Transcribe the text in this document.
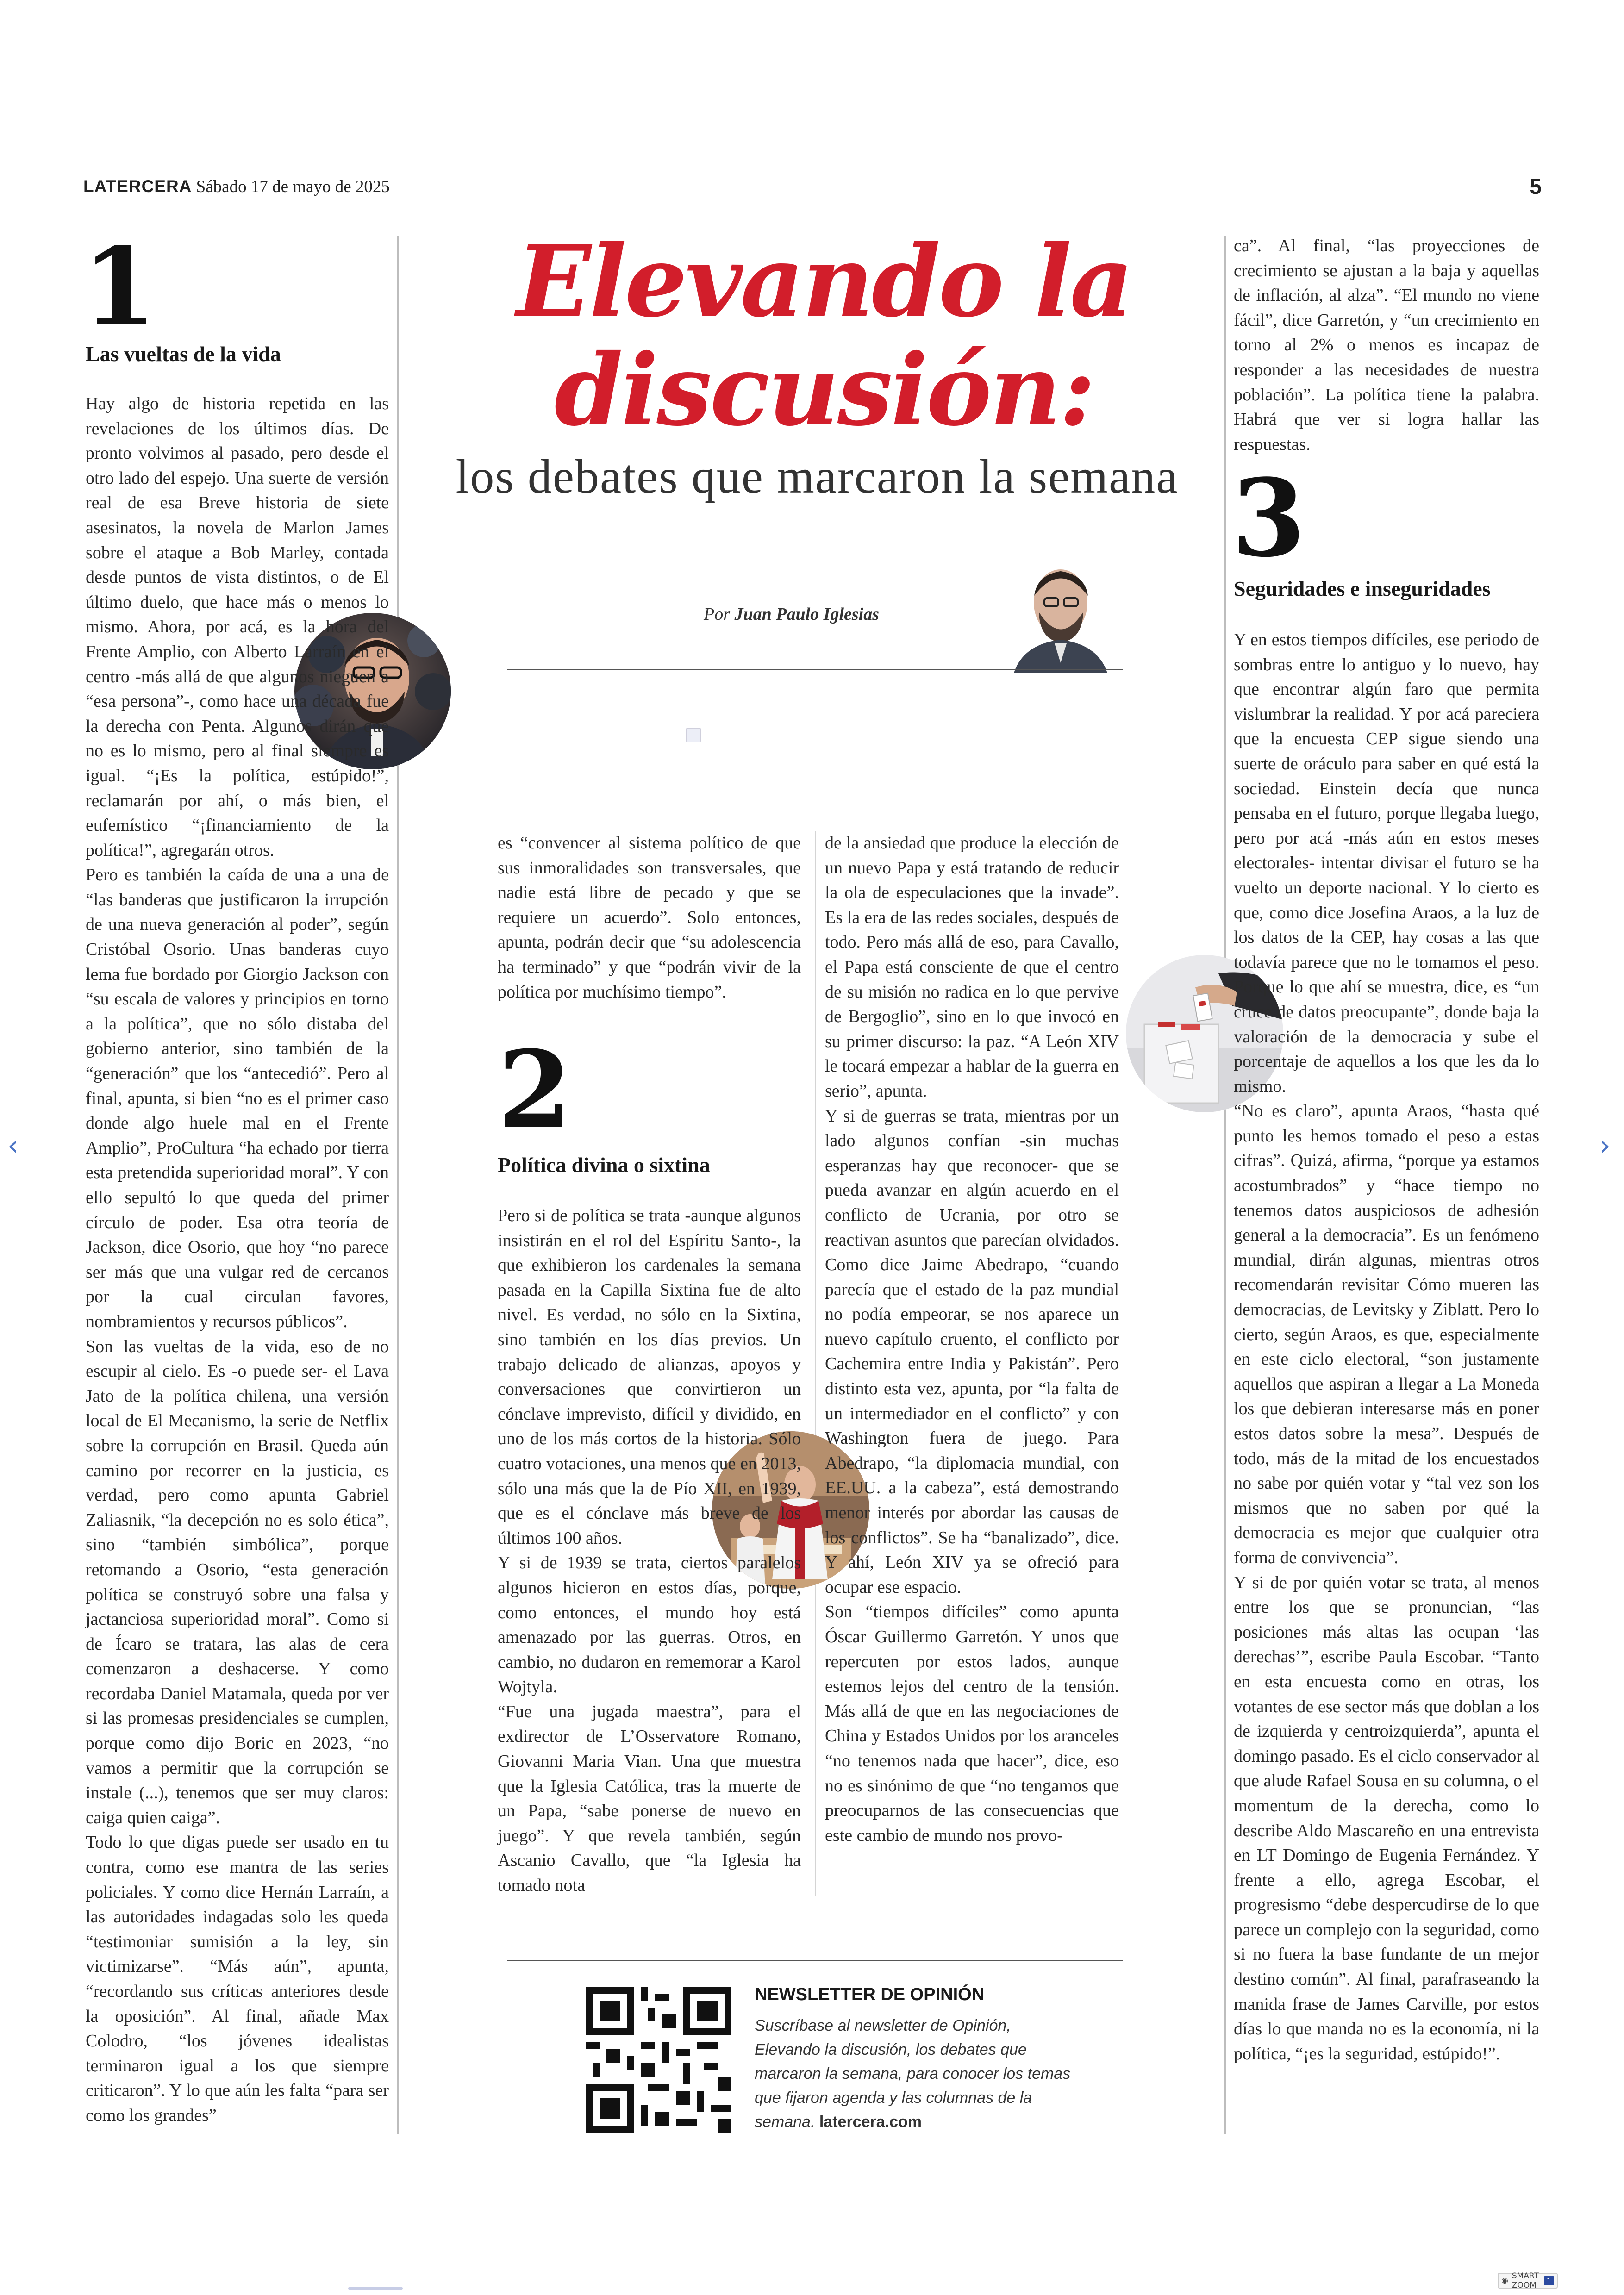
LATERCERA Sábado 17 de mayo de 2025	5
1
Las vueltas de la vida

Hay algo de historia repetida en las revelaciones de los últimos días. De pronto volvimos al pasado, pero desde el otro lado del espejo. Una suerte de versión real de esa Breve historia de siete asesinatos, la novela de Marlon James sobre el ataque a Bob Marley, contada desde puntos de vista distintos, o de El último duelo, que hace más o menos lo mismo. Ahora, por acá, es la hora del Frente Amplio, con Alberto Larraín en el centro -más allá de que algunos nieguen a “esa persona”-, como hace una década fue la derecha con Penta. Algunos dirán que no es lo mismo, pero al final siempre es igual. “¡Es la política, estúpido!”, reclamarán por ahí, o más bien, el eufemístico “¡financiamiento de la política!”, agregarán otros.

Pero es también la caída de una a una de “las banderas que justificaron la irrupción de una nueva generación al poder”, según Cristóbal Osorio. Unas banderas cuyo lema fue bordado por Giorgio Jackson con “su escala de valores y principios en torno a la política”, que no sólo distaba del gobierno anterior, sino también de la “generación” que los “antecedió”. Pero al final, apunta, si bien “no es el primer caso donde algo huele mal en el Frente Amplio”, ProCultura “ha echado por tierra esta pretendida superioridad moral”. Y con ello sepultó lo que queda del primer círculo de poder. Esa otra teoría de Jackson, dice Osorio, que hoy “no parece ser más que una vulgar red de cercanos por la cual circulan favores, nombramientos y recursos públicos”.

Son las vueltas de la vida, eso de no escupir al cielo. Es -o puede ser- el Lava Jato de la política chilena, una versión local de El Mecanismo, la serie de Netflix sobre la corrupción en Brasil. Queda aún camino por recorrer en la justicia, es verdad, pero como apunta Gabriel Zaliasnik, “la decepción no es solo ética”, sino “también simbólica”, porque retomando a Osorio, “esta generación política se construyó sobre una falsa y jactanciosa superioridad moral”. Como si de Ícaro se tratara, las alas de cera comenzaron a deshacerse. Y como recordaba Daniel Matamala, queda por ver si las promesas presidenciales se cumplen, porque como dijo Boric en 2023, “no vamos a permitir que la corrupción se instale (...), tenemos que ser muy claros: caiga quien caiga”.

Todo lo que digas puede ser usado en tu contra, como ese mantra de las series policiales. Y como dice Hernán Larraín, a las autoridades indagadas solo les queda “testimoniar sumisión a la ley, sin victimizarse”. “Más aún”, apunta, “recordando sus críticas anteriores desde la oposición”. Al final, añade Max Colodro, “los jóvenes idealistas terminaron igual a los que siempre criticaron”. Y lo que aún les falta “para ser como los grandes”

Elevando la
discusión:
los debates que marcaron la semana
Por Juan Paulo Iglesias

es “convencer al sistema político de que sus inmoralidades son transversales, que nadie está libre de pecado y que se requiere un acuerdo”. Solo entonces, apunta, podrán decir que “su adolescencia ha terminado” y que “podrán vivir de la política por muchísimo tiempo”.

2
Política divina o sixtina

Pero si de política se trata -aunque algunos insistirán en el rol del Espíritu Santo-, la que exhibieron los cardenales la semana pasada en la Capilla Sixtina fue de alto nivel. Es verdad, no sólo en la Sixtina, sino también en los días previos. Un trabajo delicado de alianzas, apoyos y conversaciones que convirtieron un cónclave imprevisto, difícil y dividido, en uno de los más cortos de la historia. Sólo cuatro votaciones, una menos que en 2013, sólo una más que la de Pío XII, en 1939, que es el cónclave más breve de los últimos 100 años.

Y si de 1939 se trata, ciertos paralelos algunos hicieron en estos días, porque, como entonces, el mundo hoy está amenazado por las guerras. Otros, en cambio, no dudaron en rememorar a Karol Wojtyla.

“Fue una jugada maestra”, para el exdirector de L’Osservatore Romano, Giovanni Maria Vian. Una que muestra que la Iglesia Católica, tras la muerte de un Papa, “sabe ponerse de nuevo en juego”. Y que revela también, según Ascanio Cavallo, que “la Iglesia ha tomado nota

de la ansiedad que produce la elección de un nuevo Papa y está tratando de reducir la ola de especulaciones que la invade”. Es la era de las redes sociales, después de todo. Pero más allá de eso, para Cavallo, el Papa está consciente de que el centro de su misión no radica en lo que pervive de Bergoglio”, sino en lo que invocó en su primer discurso: la paz. “A León XIV le tocará empezar a hablar de la guerra en serio”, apunta.

Y si de guerras se trata, mientras por un lado algunos confían -sin muchas esperanzas hay que reconocer- que se pueda avanzar en algún acuerdo en el conflicto de Ucrania, por otro se reactivan asuntos que parecían olvidados. Como dice Jaime Abedrapo, “cuando parecía que el estado de la paz mundial no podía empeorar, se nos aparece un nuevo capítulo cruento, el conflicto por Cachemira entre India y Pakistán”. Pero distinto esta vez, apunta, por “la falta de un intermediador en el conflicto” y con Washington fuera de juego. Para Abedrapo, “la diplomacia mundial, con EE.UU. a la cabeza”, está demostrando menor interés por abordar las causas de los conflictos”. Se ha “banalizado”, dice. Y ahí, León XIV ya se ofreció para ocupar ese espacio.

Son “tiempos difíciles” como apunta Óscar Guillermo Garretón. Y unos que repercuten por estos lados, aunque estemos lejos del centro de la tensión. Más allá de que en las negociaciones de China y Estados Unidos por los aranceles “no tenemos nada que hacer”, dice, eso no es sinónimo de que “no tengamos que preocuparnos de las consecuencias que este cambio de mundo nos provo-

NEWSLETTER DE OPINIÓN
Suscríbase al newsletter de Opinión, Elevando la discusión, los debates que marcaron la semana, para conocer los temas que fijaron agenda y las columnas de la semana. latercera.com

ca”. Al final, “las proyecciones de crecimiento se ajustan a la baja y aquellas de inflación, al alza”. “El mundo no viene fácil”, dice Garretón, y “un crecimiento en torno al 2% o menos es incapaz de responder a las necesidades de nuestra población”. La política tiene la palabra. Habrá que ver si logra hallar las respuestas.

3
Seguridades e inseguridades

Y en estos tiempos difíciles, ese periodo de sombras entre lo antiguo y lo nuevo, hay que encontrar algún faro que permita vislumbrar la realidad. Y por acá pareciera que la encuesta CEP sigue siendo una suerte de oráculo para saber en qué está la sociedad. Einstein decía que nunca pensaba en el futuro, porque llegaba luego, pero por acá -más aún en estos meses electorales- intentar divisar el futuro se ha vuelto un deporte nacional. Y lo cierto es que, como dice Josefina Araos, a la luz de los datos de la CEP, hay cosas a las que todavía parece que no le tomamos el peso. Porque lo que ahí se muestra, dice, es “un cruce de datos preocupante”, donde baja la valoración de la democracia y sube el porcentaje de aquellos a los que les da lo mismo.

“No es claro”, apunta Araos, “hasta qué punto les hemos tomado el peso a estas cifras”. Quizá, afirma, “porque ya estamos acostumbrados” y “hace tiempo no tenemos datos auspiciosos de adhesión general a la democracia”. Es un fenómeno mundial, dirán algunas, mientras otros recomendarán revisitar Cómo mueren las democracias, de Levitsky y Ziblatt. Pero lo cierto, según Araos, es que, especialmente en este ciclo electoral, “son justamente aquellos que aspiran a llegar a La Moneda los que debieran interesarse más en poner estos datos sobre la mesa”. Después de todo, más de la mitad de los encuestados no sabe por quién votar y “tal vez son los mismos que no saben por qué la democracia es mejor que cualquier otra forma de convivencia”.

Y si de por quién votar se trata, al menos entre los que se pronuncian, “las posiciones más altas las ocupan ‘las derechas’”, escribe Paula Escobar. “Tanto en esta encuesta como en otras, los votantes de ese sector más que doblan a los de izquierda y centroizquierda”, apunta el domingo pasado. Es el ciclo conservador al que alude Rafael Sousa en su columna, o el momentum de la derecha, como lo describe Aldo Mascareño en una entrevista en LT Domingo de Eugenia Fernández. Y frente a ello, agrega Escobar, el progresismo “debe despercudirse de lo que parece un complejo con la seguridad, como si no fuera la base fundante de un mejor destino común”. Al final, parafraseando la manida frase de James Carville, por estos días lo que manda no es la economía, ni la política, “¡es la seguridad, estúpido!”.

‹	›
◉ SMART ZOOM	1
